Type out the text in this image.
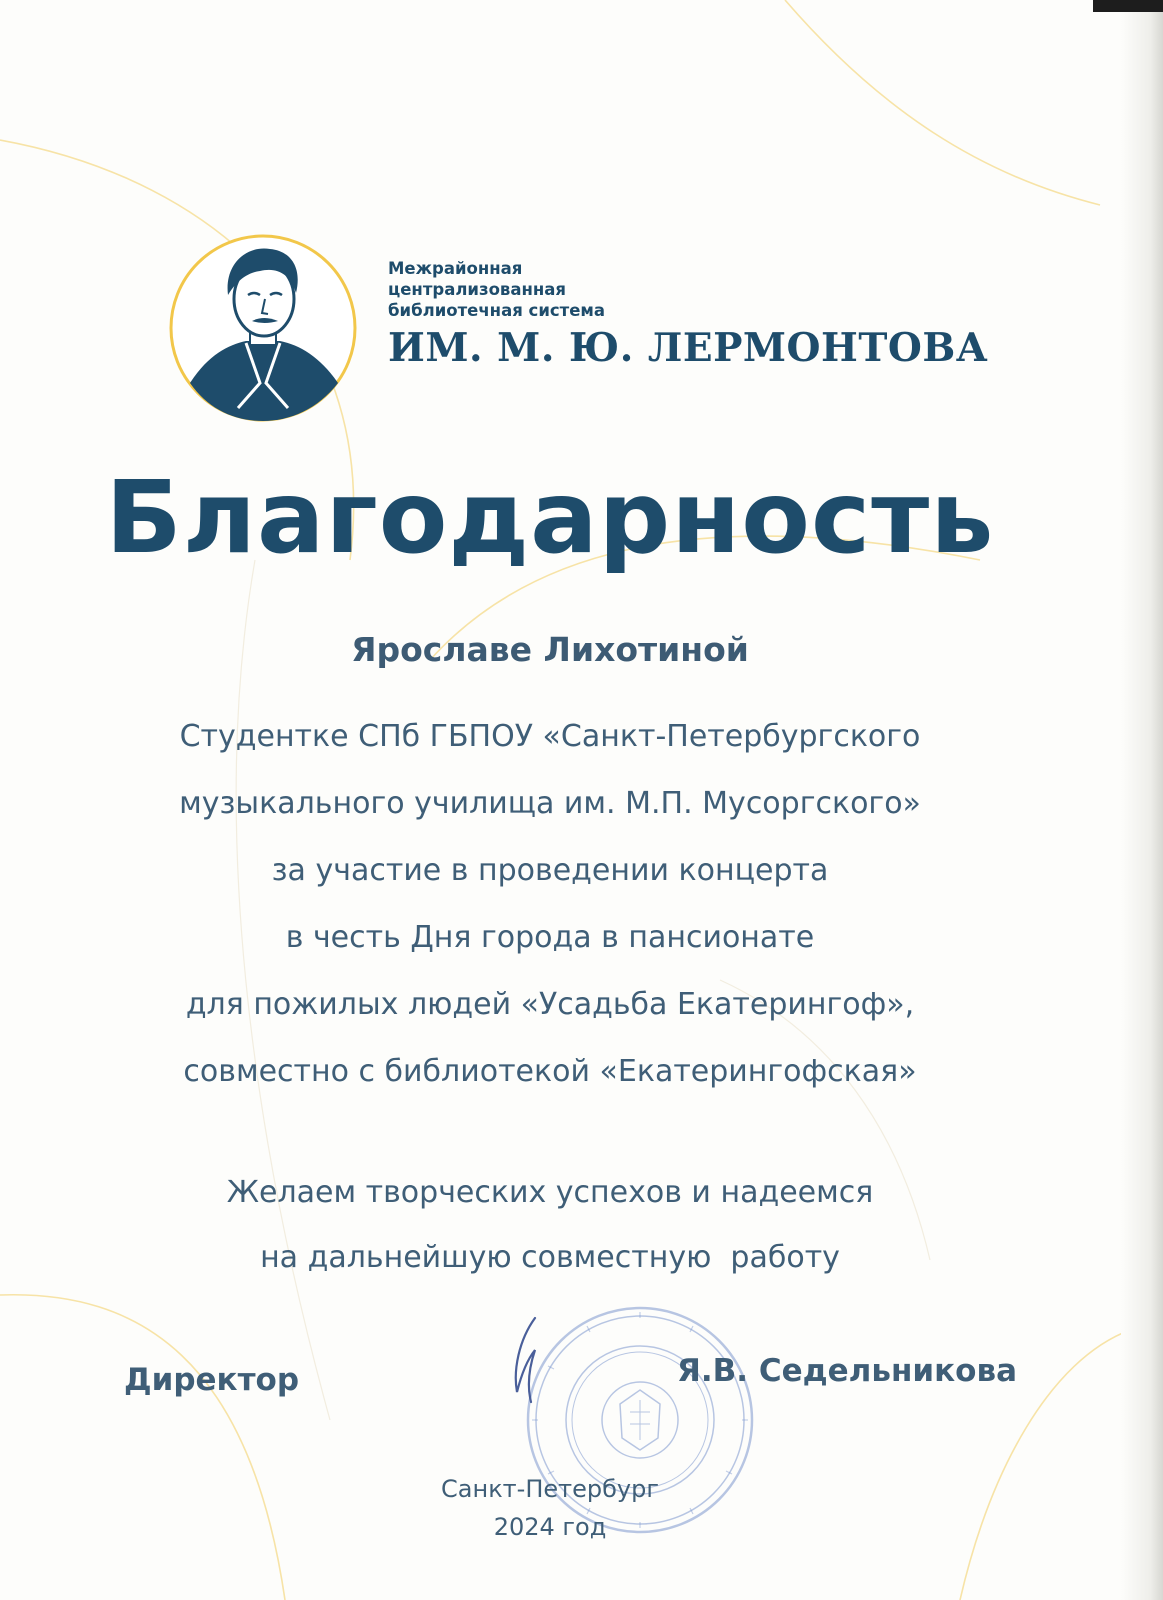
Межрайонная
централизованная
библиотечная система
ИМ. М. Ю. ЛЕРМОНТОВА
Благодарность
Ярославе Лихотиной
Студентке СПб ГБПОУ «Санкт-Петербургского
музыкального училища им. М.П. Мусоргского»
за участие в проведении концерта
в честь Дня города в пансионате
для пожилых людей «Усадьба Екатерингоф»,
совместно с библиотекой «Екатерингофская»
Желаем творческих успехов и надеемся
на дальнейшую совместную  работу
Директор	Я.В. Седельникова
Санкт-Петербург
2024 год
